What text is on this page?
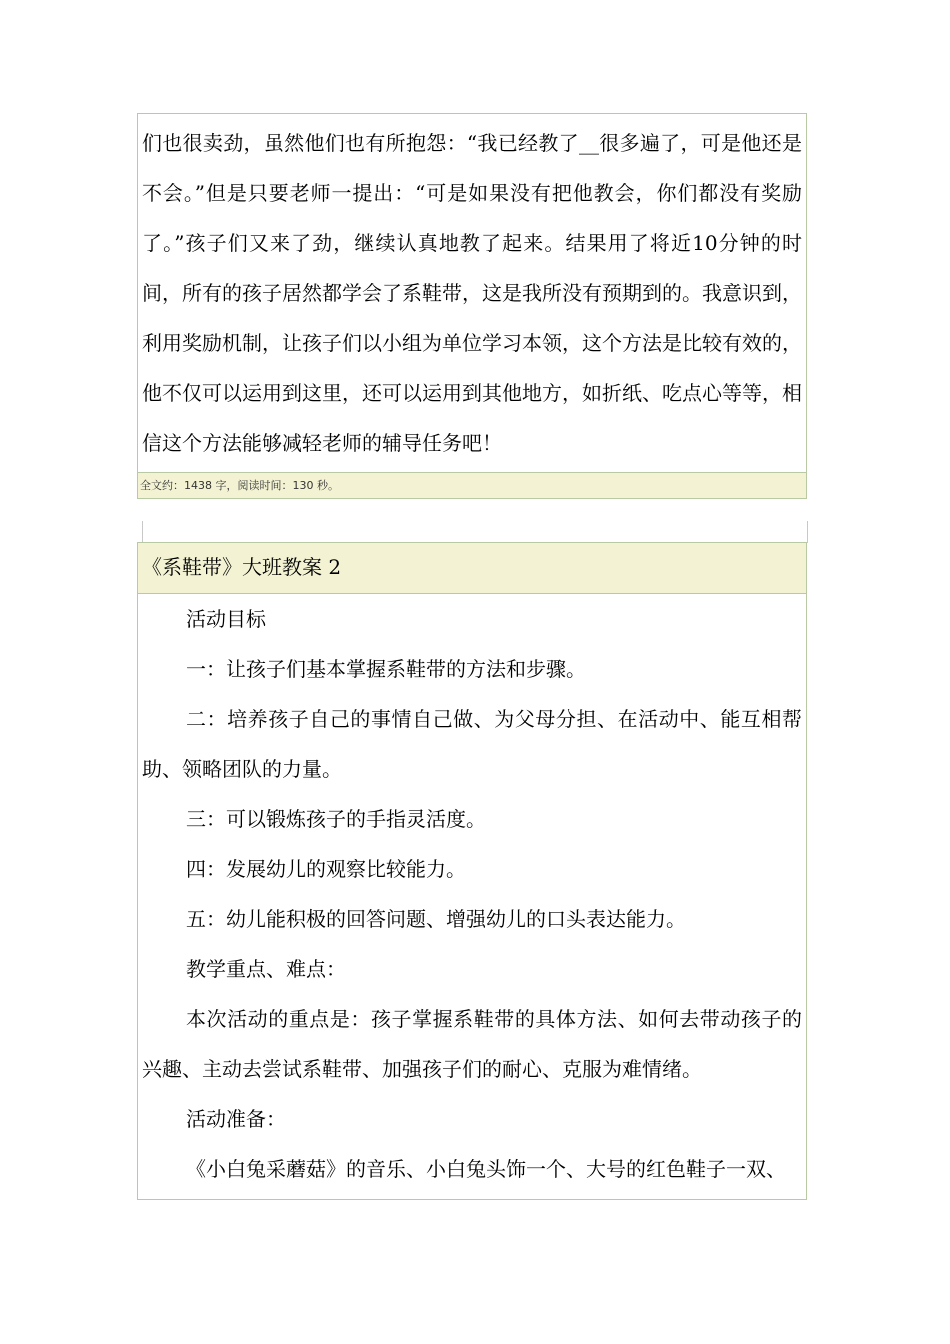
们也很卖劲，虽然他们也有所抱怨：“我已经教了__很多遍了，可是他还是不会。”但是只要老师一提出：“可是如果没有把他教会，你们都没有奖励了。”孩子们又来了劲，继续认真地教了起来。结果用了将近10分钟的时间，所有的孩子居然都学会了系鞋带，这是我所没有预期到的。我意识到，利用奖励机制，让孩子们以小组为单位学习本领，这个方法是比较有效的，他不仅可以运用到这里，还可以运用到其他地方，如折纸、吃点心等等，相信这个方法能够减轻老师的辅导任务吧！

全文约：1438 字，阅读时间：130 秒。
《系鞋带》大班教案 2

活动目标

一：让孩子们基本掌握系鞋带的方法和步骤。

二：培养孩子自己的事情自己做、为父母分担、在活动中、能互相帮助、领略团队的力量。

三：可以锻炼孩子的手指灵活度。

四：发展幼儿的观察比较能力。

五：幼儿能积极的回答问题、增强幼儿的口头表达能力。

教学重点、难点：

本次活动的重点是：孩子掌握系鞋带的具体方法、如何去带动孩子的兴趣、主动去尝试系鞋带、加强孩子们的耐心、克服为难情绪。

活动准备：

《小白兔采蘑菇》的音乐、小白兔头饰一个、大号的红色鞋子一双、
